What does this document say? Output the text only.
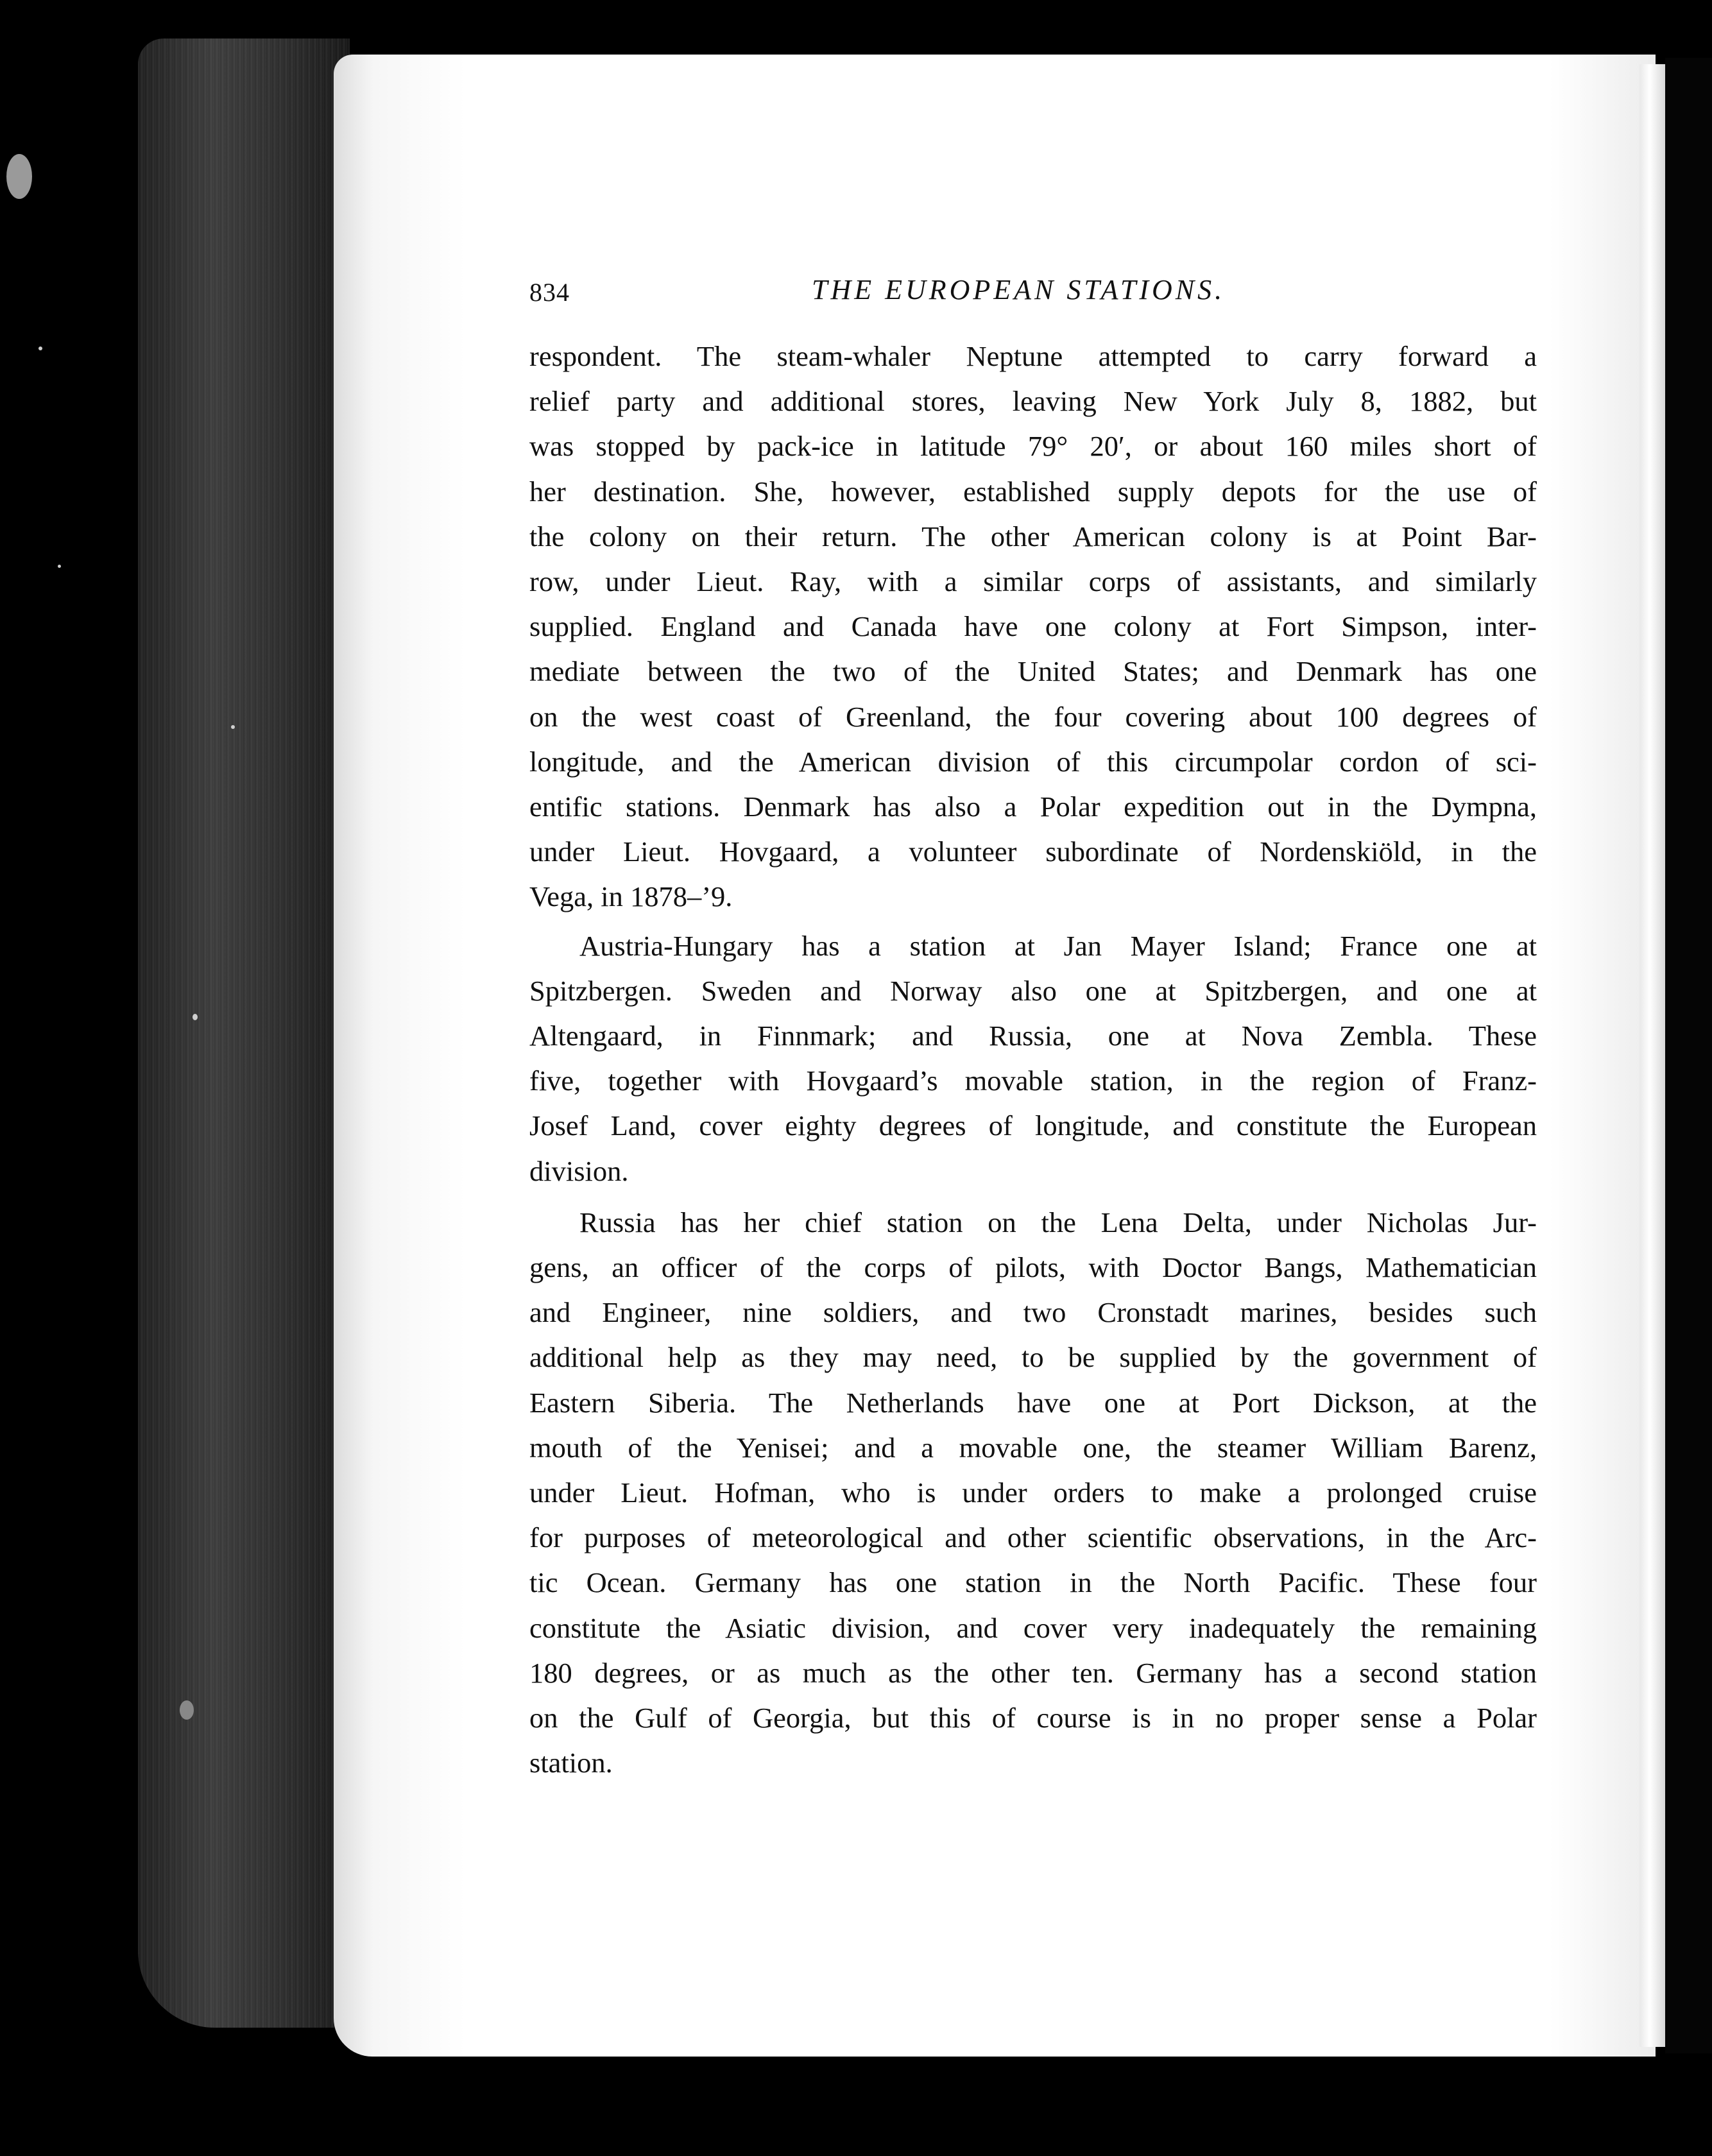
834	THE EUROPEAN STATIONS.
respondent. The steam-whaler Neptune attempted to carry forward a
relief party and additional stores, leaving New York July 8, 1882, but
was stopped by pack-ice in latitude 79° 20′, or about 160 miles short of
her destination. She, however, established supply depots for the use of
the colony on their return. The other American colony is at Point Bar-
row, under Lieut. Ray, with a similar corps of assistants, and similarly
supplied. England and Canada have one colony at Fort Simpson, inter-
mediate between the two of the United States; and Denmark has one
on the west coast of Greenland, the four covering about 100 degrees of
longitude, and the American division of this circumpolar cordon of sci-
entific stations. Denmark has also a Polar expedition out in the Dympna,
under Lieut. Hovgaard, a volunteer subordinate of Nordenskiöld, in the
Vega, in 1878–’9.
Austria-Hungary has a station at Jan Mayer Island; France one at
Spitzbergen. Sweden and Norway also one at Spitzbergen, and one at
Altengaard, in Finnmark; and Russia, one at Nova Zembla. These
five, together with Hovgaard’s movable station, in the region of Franz-
Josef Land, cover eighty degrees of longitude, and constitute the European
division.
Russia has her chief station on the Lena Delta, under Nicholas Jur-
gens, an officer of the corps of pilots, with Doctor Bangs, Mathematician
and Engineer, nine soldiers, and two Cronstadt marines, besides such
additional help as they may need, to be supplied by the government of
Eastern Siberia. The Netherlands have one at Port Dickson, at the
mouth of the Yenisei; and a movable one, the steamer William Barenz,
under Lieut. Hofman, who is under orders to make a prolonged cruise
for purposes of meteorological and other scientific observations, in the Arc-
tic Ocean. Germany has one station in the North Pacific. These four
constitute the Asiatic division, and cover very inadequately the remaining
180 degrees, or as much as the other ten. Germany has a second station
on the Gulf of Georgia, but this of course is in no proper sense a Polar
station.
